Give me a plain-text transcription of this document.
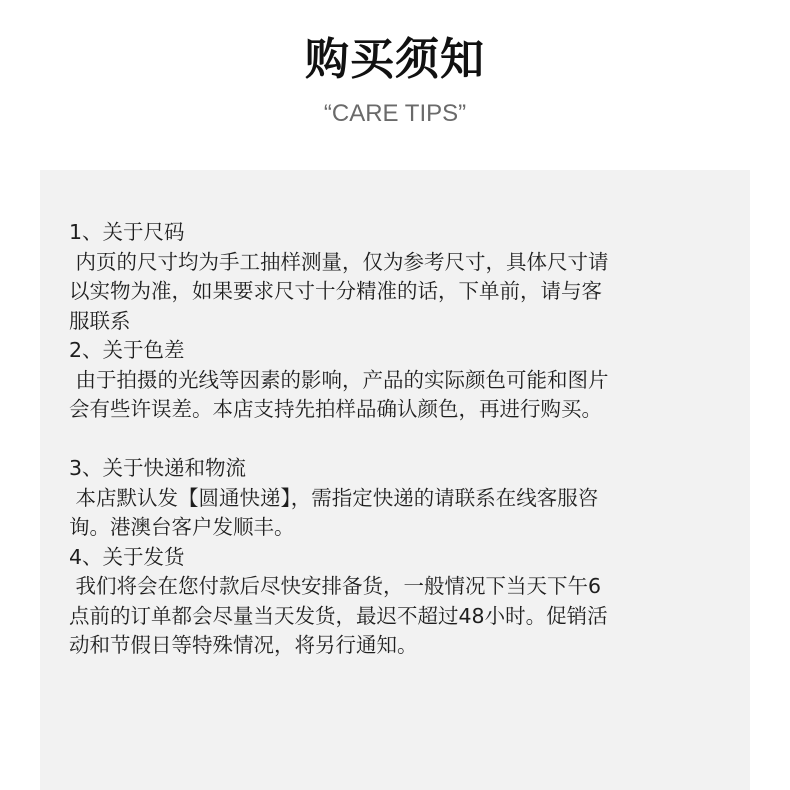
购买须知
“CARE TIPS”
1、关于尺码
内页的尺寸均为手工抽样测量，仅为参考尺寸，具体尺寸请
以实物为准，如果要求尺寸十分精准的话，下单前，请与客
服联系
2、关于色差
由于拍摄的光线等因素的影响，产品的实际颜色可能和图片
会有些许误差。本店支持先拍样品确认颜色，再进行购买。
3、关于快递和物流
本店默认发【圆通快递】，需指定快递的请联系在线客服咨
询。港澳台客户发顺丰。
4、关于发货
我们将会在您付款后尽快安排备货，一般情况下当天下午6
点前的订单都会尽量当天发货，最迟不超过48小时。促销活
动和节假日等特殊情况，将另行通知。
